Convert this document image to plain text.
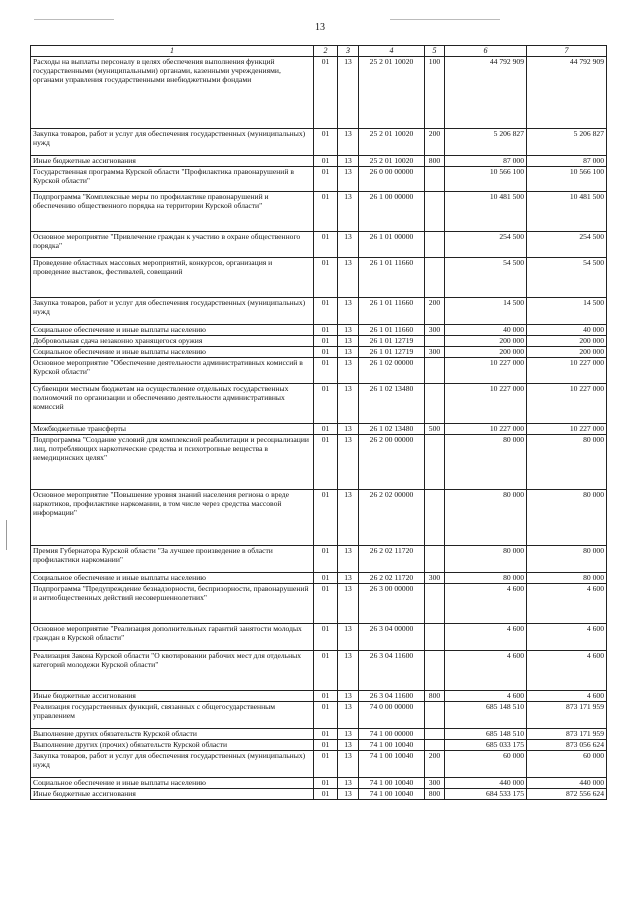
13
1	2	3	4	5	6	7
Расходы на выплаты персоналу в целях обеспечения выполнения функций государственными (муниципальными) органами, казенными учреждениями, органами управления государственными внебюджетными фондами	01	13	25 2 01 10020	100	44 792 909	44 792 909
Закупка товаров, работ и услуг для обеспечения государственных (муниципальных) нужд	01	13	25 2 01 10020	200	5 206 827	5 206 827
Иные бюджетные ассигнования	01	13	25 2 01 10020	800	87 000	87 000
Государственная программа Курской области "Профилактика правонарушений в Курской области"	01	13	26 0 00 00000		10 566 100	10 566 100
Подпрограмма "Комплексные меры по профилактике правонарушений и обеспечению общественного порядка на территории Курской области"	01	13	26 1 00 00000		10 481 500	10 481 500
Основное мероприятие "Привлечение граждан к участию в охране общественного порядка"	01	13	26 1 01 00000		254 500	254 500
Проведение областных массовых мероприятий, конкурсов, организация и проведение выставок, фестивалей, совещаний	01	13	26 1 01 11660		54 500	54 500
Закупка товаров, работ и услуг для обеспечения государственных (муниципальных) нужд	01	13	26 1 01 11660	200	14 500	14 500
Социальное обеспечение и иные выплаты населению	01	13	26 1 01 11660	300	40 000	40 000
Добровольная сдача незаконно хранящегося оружия	01	13	26 1 01 12719		200 000	200 000
Социальное обеспечение и иные выплаты населению	01	13	26 1 01 12719	300	200 000	200 000
Основное мероприятие "Обеспечение деятельности административных комиссий в Курской области"	01	13	26 1 02 00000		10 227 000	10 227 000
Субвенции местным бюджетам на осуществление отдельных государственных полномочий по организации и обеспечению деятельности административных комиссий	01	13	26 1 02 13480		10 227 000	10 227 000
Межбюджетные трансферты	01	13	26 1 02 13480	500	10 227 000	10 227 000
Подпрограмма "Создание условий для комплексной реабилитации и ресоциализации лиц, потребляющих наркотические средства и психотропные вещества в немедицинских целях"	01	13	26 2 00 00000		80 000	80 000
Основное мероприятие "Повышение уровня знаний населения региона о вреде наркотиков, профилактике наркомании, в том числе через средства массовой информации"	01	13	26 2 02 00000		80 000	80 000
Премия Губернатора Курской области "За лучшее произведение в области профилактики наркомании"	01	13	26 2 02 11720		80 000	80 000
Социальное обеспечение и иные выплаты населению	01	13	26 2 02 11720	300	80 000	80 000
Подпрограмма "Предупреждение безнадзорности, беспризорности, правонарушений и антиобщественных действий несовершеннолетних"	01	13	26 3 00 00000		4 600	4 600
Основное мероприятие "Реализация дополнительных гарантий занятости молодых граждан в Курской области"	01	13	26 3 04 00000		4 600	4 600
Реализация Закона Курской области "О квотировании рабочих мест для отдельных категорий молодежи Курской области"	01	13	26 3 04 11600		4 600	4 600
Иные бюджетные ассигнования	01	13	26 3 04 11600	800	4 600	4 600
Реализация государственных функций, связанных с общегосударственным управлением	01	13	74 0 00 00000		685 148 510	873 171 959
Выполнение других обязательств Курской области	01	13	74 1 00 00000		685 148 510	873 171 959
Выполнение других (прочих) обязательств Курской области	01	13	74 1 00 10040		685 033 175	873 056 624
Закупка товаров, работ и услуг для обеспечения государственных (муниципальных) нужд	01	13	74 1 00 10040	200	60 000	60 000
Социальное обеспечение и иные выплаты населению	01	13	74 1 00 10040	300	440 000	440 000
Иные бюджетные ассигнования	01	13	74 1 00 10040	800	684 533 175	872 556 624
